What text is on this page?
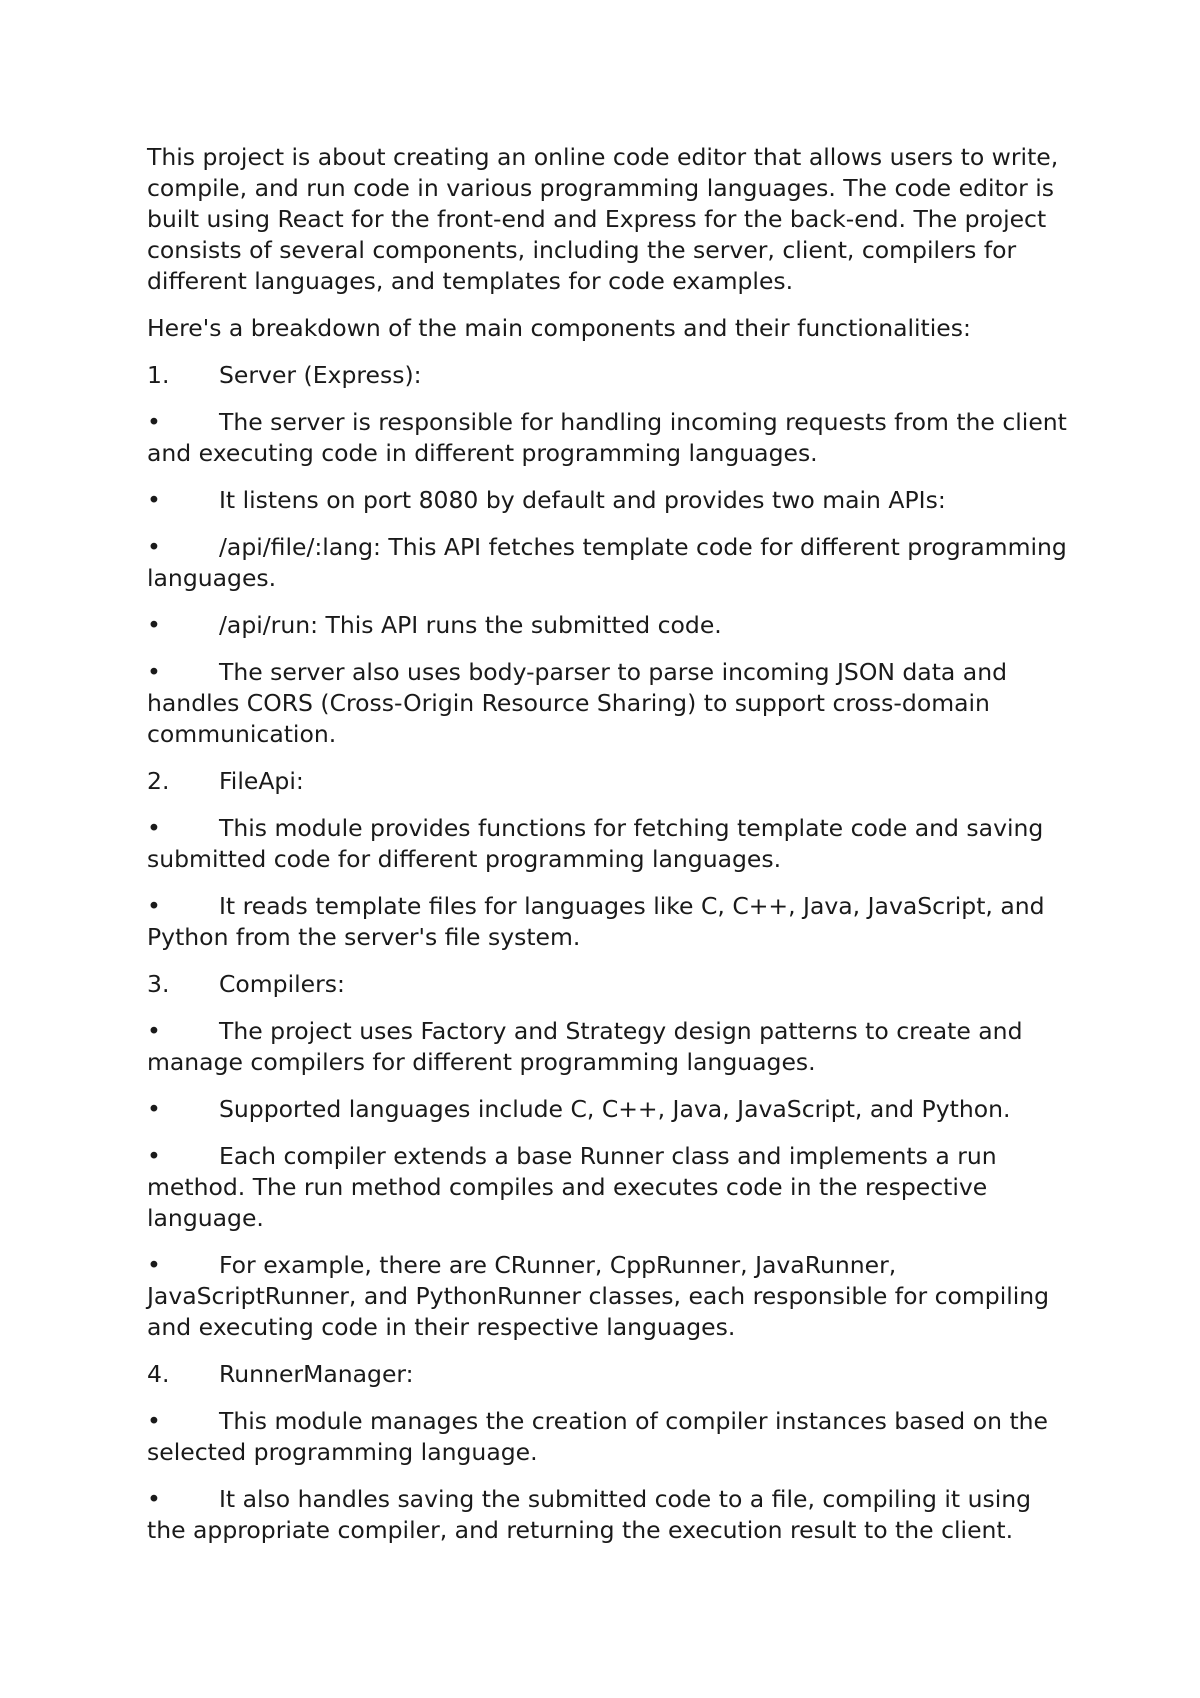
This project is about creating an online code editor that allows users to write, compile, and run code in various programming languages. The code editor is built using React for the front-end and Express for the back-end. The project consists of several components, including the server, client, compilers for different languages, and templates for code examples.

Here's a breakdown of the main components and their functionalities:

1. Server (Express):

• The server is responsible for handling incoming requests from the client and executing code in different programming languages.

• It listens on port 8080 by default and provides two main APIs:

• /api/file/:lang: This API fetches template code for different programming languages.

• /api/run: This API runs the submitted code.

• The server also uses body-parser to parse incoming JSON data and handles CORS (Cross-Origin Resource Sharing) to support cross-domain communication.

2. FileApi:

• This module provides functions for fetching template code and saving submitted code for different programming languages.

• It reads template files for languages like C, C++, Java, JavaScript, and Python from the server's file system.

3. Compilers:

• The project uses Factory and Strategy design patterns to create and manage compilers for different programming languages.

• Supported languages include C, C++, Java, JavaScript, and Python.

• Each compiler extends a base Runner class and implements a run method. The run method compiles and executes code in the respective language.

• For example, there are CRunner, CppRunner, JavaRunner, JavaScriptRunner, and PythonRunner classes, each responsible for compiling and executing code in their respective languages.

4. RunnerManager:

• This module manages the creation of compiler instances based on the selected programming language.

• It also handles saving the submitted code to a file, compiling it using the appropriate compiler, and returning the execution result to the client.
